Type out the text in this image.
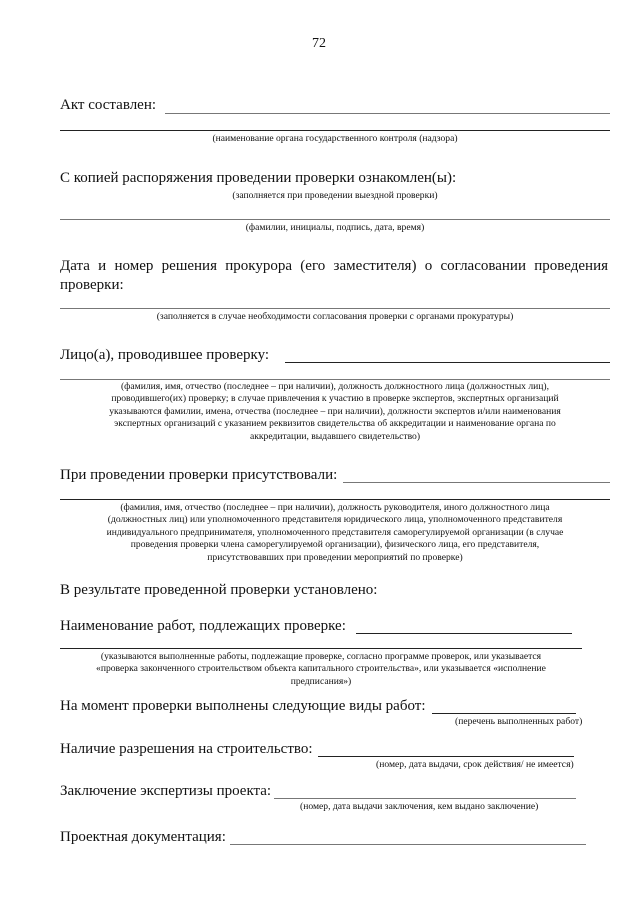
72
Акт составлен:
(наименование органа государственного контроля (надзора)
С копией распоряжения проведении проверки ознакомлен(ы):
(заполняется при проведении выездной проверки)
(фамилии, инициалы, подпись, дата, время)
Дата и номер решения прокурора (его заместителя) о согласовании проведения
проверки:
(заполняется в случае необходимости согласования проверки с органами прокуратуры)
Лицо(а), проводившее проверку:
(фамилия, имя, отчество (последнее – при наличии), должность должностного лица (должностных лиц),
проводившего(их) проверку; в случае привлечения к участию в проверке экспертов, экспертных организаций
указываются фамилии, имена, отчества (последнее – при наличии), должности экспертов и/или наименования
экспертных организаций с указанием реквизитов свидетельства об аккредитации и наименование органа по
аккредитации, выдавшего свидетельство)
При проведении проверки присутствовали:
(фамилия, имя, отчество (последнее – при наличии), должность руководителя, иного должностного лица
(должностных лиц) или уполномоченного представителя юридического лица, уполномоченного представителя
индивидуального предпринимателя, уполномоченного представителя саморегулируемой организации (в случае
проведения проверки члена саморегулируемой организации), физического лица, его представителя,
присутствовавших при проведении мероприятий по проверке)
В результате проведенной проверки установлено:
Наименование работ, подлежащих проверке:
(указываются выполненные работы, подлежащие проверке, согласно программе проверок, или указывается
«проверка законченного строительством объекта капитального строительства», или указывается «исполнение
предписания»)
На момент проверки выполнены следующие виды работ:
(перечень выполненных работ)
Наличие разрешения на строительство:
(номер, дата выдачи, срок действия/ не имеется)
Заключение экспертизы проекта:
(номер, дата выдачи заключения, кем выдано заключение)
Проектная документация:
